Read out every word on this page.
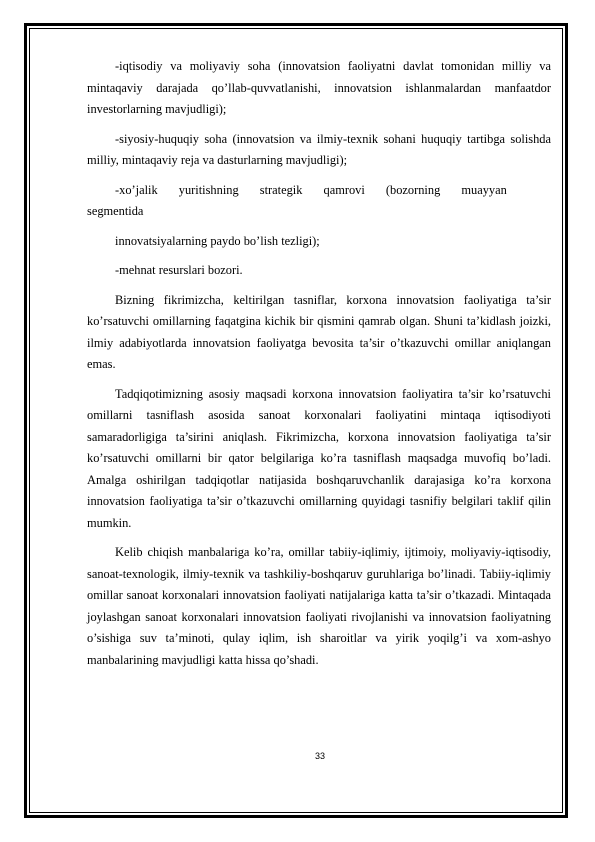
-iqtisodiy va moliyaviy soha (innovatsion faoliyatni davlat tomonidan milliy va mintaqaviy darajada qo’llab-quvvatlanishi, innovatsion ishlanmalardan manfaatdor investorlarning mavjudligi);

-siyosiy-huquqiy soha (innovatsion va ilmiy-texnik sohani huquqiy tartibga solishda milliy, mintaqaviy reja va dasturlarning mavjudligi);

-xo’jalik yuritishning strategik qamrovi (bozorning muayyan segmentida

innovatsiyalarning paydo bo’lish tezligi);

-mehnat resurslari bozori.

Bizning fikrimizcha, keltirilgan tasniflar, korxona innovatsion faoliyatiga ta’sir ko’rsatuvchi omillarning faqatgina kichik bir qismini qamrab olgan. Shuni ta’kidlash joizki, ilmiy adabiyotlarda innovatsion faoliyatga bevosita ta’sir o’tkazuvchi omillar aniqlangan emas.

Tadqiqotimizning asosiy maqsadi korxona innovatsion faoliyatira ta’sir ko’rsatuvchi omillarni tasniflash asosida sanoat korxonalari faoliyatini mintaqa iqtisodiyoti samaradorligiga ta’sirini aniqlash. Fikrimizcha, korxona innovatsion faoliyatiga ta’sir ko’rsatuvchi omillarni bir qator belgilariga ko’ra tasniflash maqsadga muvofiq bo’ladi. Amalga oshirilgan tadqiqotlar natijasida boshqaruvchanlik darajasiga ko’ra korxona innovatsion faoliyatiga ta’sir o’tkazuvchi omillarning quyidagi tasnifiy belgilari taklif qilin mumkin.

Kelib chiqish manbalariga ko’ra, omillar tabiiy-iqlimiy, ijtimoiy, moliyaviy-iqtisodiy, sanoat-texnologik, ilmiy-texnik va tashkiliy-boshqaruv guruhlariga bo’linadi. Tabiiy-iqlimiy omillar sanoat korxonalari innovatsion faoliyati natijalariga katta ta’sir o’tkazadi. Mintaqada joylashgan sanoat korxonalari innovatsion faoliyati rivojlanishi va innovatsion faoliyatning o’sishiga suv ta’minoti, qulay iqlim, ish sharoitlar va yirik yoqilg’i va xom-ashyo manbalarining mavjudligi katta hissa qo’shadi.

33
